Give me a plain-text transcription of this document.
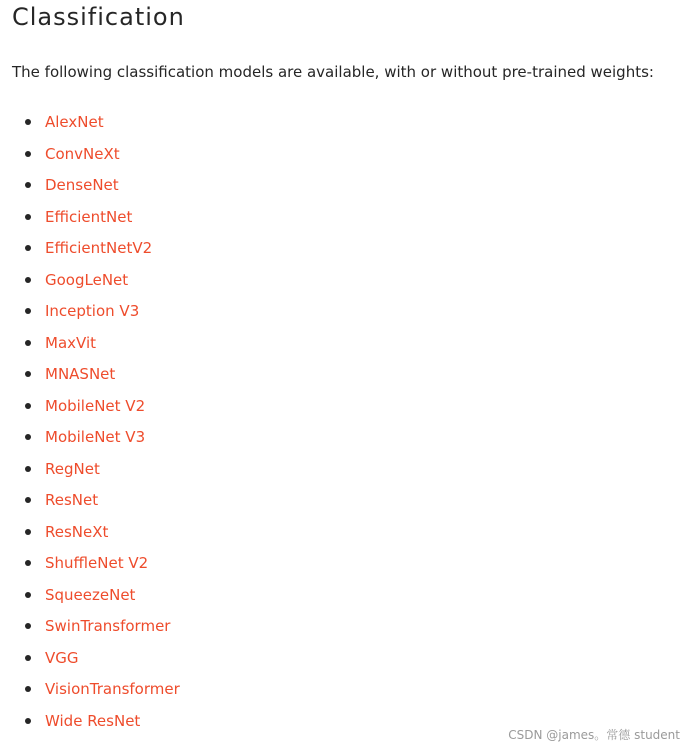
Classification

The following classification models are available, with or without pre-trained weights:

AlexNet
ConvNeXt
DenseNet
EfficientNet
EfficientNetV2
GoogLeNet
Inception V3
MaxVit
MNASNet
MobileNet V2
MobileNet V3
RegNet
ResNet
ResNeXt
ShuffleNet V2
SqueezeNet
SwinTransformer
VGG
VisionTransformer
Wide ResNet
CSDN @james。常德 student
